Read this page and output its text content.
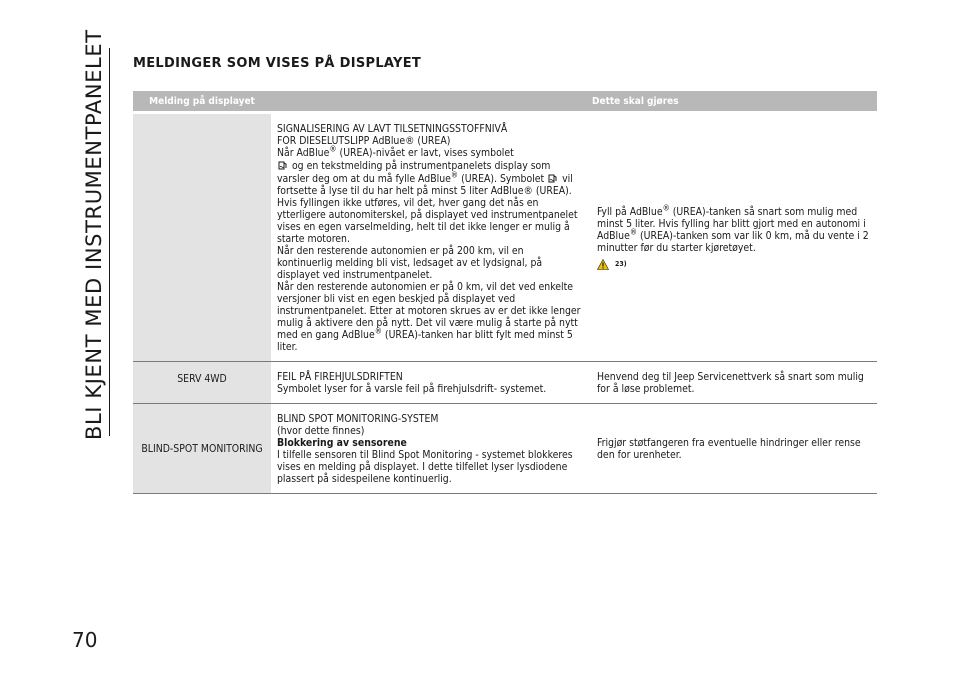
BLI KJENT MED INSTRUMENTPANELET
70
MELDINGER SOM VISES PÅ DISPLAYET
Melding på displayet	Dette skal gjøres

SIGNALISERING AV LAVT TILSETNINGSSTOFFNIVÅ

FOR DIESELUTSLIPP AdBlue® (UREA)

Når AdBlue® (UREA)-nivået er lavt, vises symbolet
og en tekstmelding på instrumentpanelets display som varsler deg om at du må fylle AdBlue® (UREA). Symbolet  vil fortsette å lyse til du har helt på minst 5 liter AdBlue® (UREA).

Hvis fyllingen ikke utføres, vil det, hver gang det nås en ytterligere autonomiterskel, på displayet ved instrumentpanelet vises en egen varselmelding, helt til det ikke lenger er mulig å starte motoren.

Når den resterende autonomien er på 200 km, vil en kontinuerlig melding bli vist, ledsaget av et lydsignal, på displayet ved instrumentpanelet.

Når den resterende autonomien er på 0 km, vil det ved enkelte versjoner bli vist en egen beskjed på displayet ved instrumentpanelet. Etter at motoren skrues av er det ikke lenger mulig å aktivere den på nytt. Det vil være mulig å starte på nytt med en gang AdBlue® (UREA)-tanken har blitt fylt med minst 5 liter.

Fyll på AdBlue® (UREA)-tanken så snart som mulig med minst 5 liter. Hvis fylling har blitt gjort med en autonomi i AdBlue® (UREA)-tanken som var lik 0 km, må du vente i 2 minutter før du starter kjøretøyet.

23)
SERV 4WD	FEIL PÅ FIREHJULSDRIFTEN

Symbolet lyser for å varsle feil på firehjulsdrift- systemet.

Henvend deg til Jeep Servicenettverk så snart som mulig for å løse problemet.

BLIND-SPOT MONITORING

BLIND SPOT MONITORING-SYSTEM

(hvor dette finnes)

Blokkering av sensorene

I tilfelle sensoren til Blind Spot Monitoring - systemet blokkeres vises en melding på displayet. I dette tilfellet lyser lysdiodene plassert på sidespeilene kontinuerlig.

Frigjør støtfangeren fra eventuelle hindringer eller rense den for urenheter.
